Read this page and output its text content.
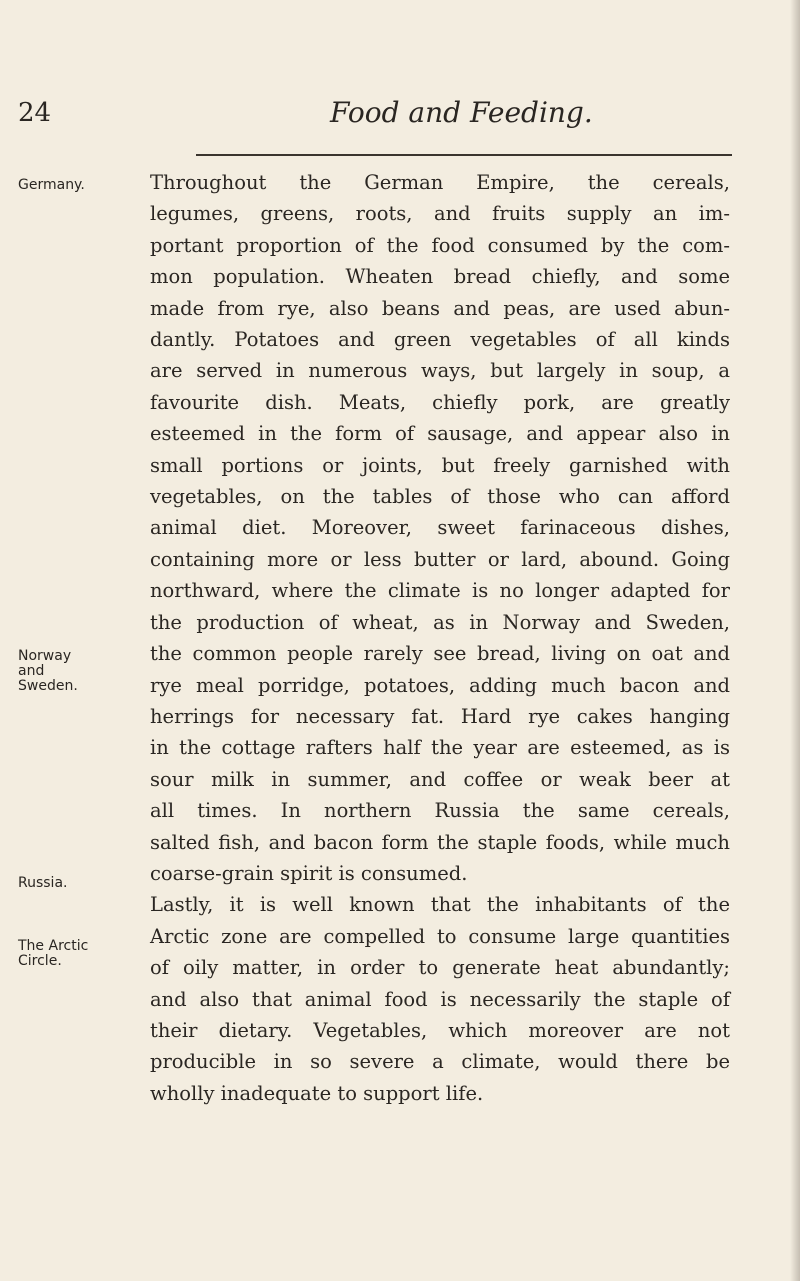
24	Food and Feeding.
Germany.
Norway
and
Sweden.
Russia.
The Arctic
Circle.
Throughout the German Empire, the cereals,
legumes, greens, roots, and fruits supply an im-
portant proportion of the food consumed by the com-
mon population. Wheaten bread chiefly, and some
made from rye, also beans and peas, are used abun-
dantly. Potatoes and green vegetables of all kinds
are served in numerous ways, but largely in soup, a
favourite dish. Meats, chiefly pork, are greatly
esteemed in the form of sausage, and appear also in
small portions or joints, but freely garnished with
vegetables, on the tables of those who can afford
animal diet. Moreover, sweet farinaceous dishes,
containing more or less butter or lard, abound. Going
northward, where the climate is no longer adapted for
the production of wheat, as in Norway and Sweden,
the common people rarely see bread, living on oat and
rye meal porridge, potatoes, adding much bacon and
herrings for necessary fat. Hard rye cakes hanging
in the cottage rafters half the year are esteemed, as is
sour milk in summer, and coffee or weak beer at
all times. In northern Russia the same cereals,
salted fish, and bacon form the staple foods, while much
coarse-grain spirit is consumed.
Lastly, it is well known that the inhabitants of the
Arctic zone are compelled to consume large quantities
of oily matter, in order to generate heat abundantly;
and also that animal food is necessarily the staple of
their dietary. Vegetables, which moreover are not
producible in so severe a climate, would there be
wholly inadequate to support life.
